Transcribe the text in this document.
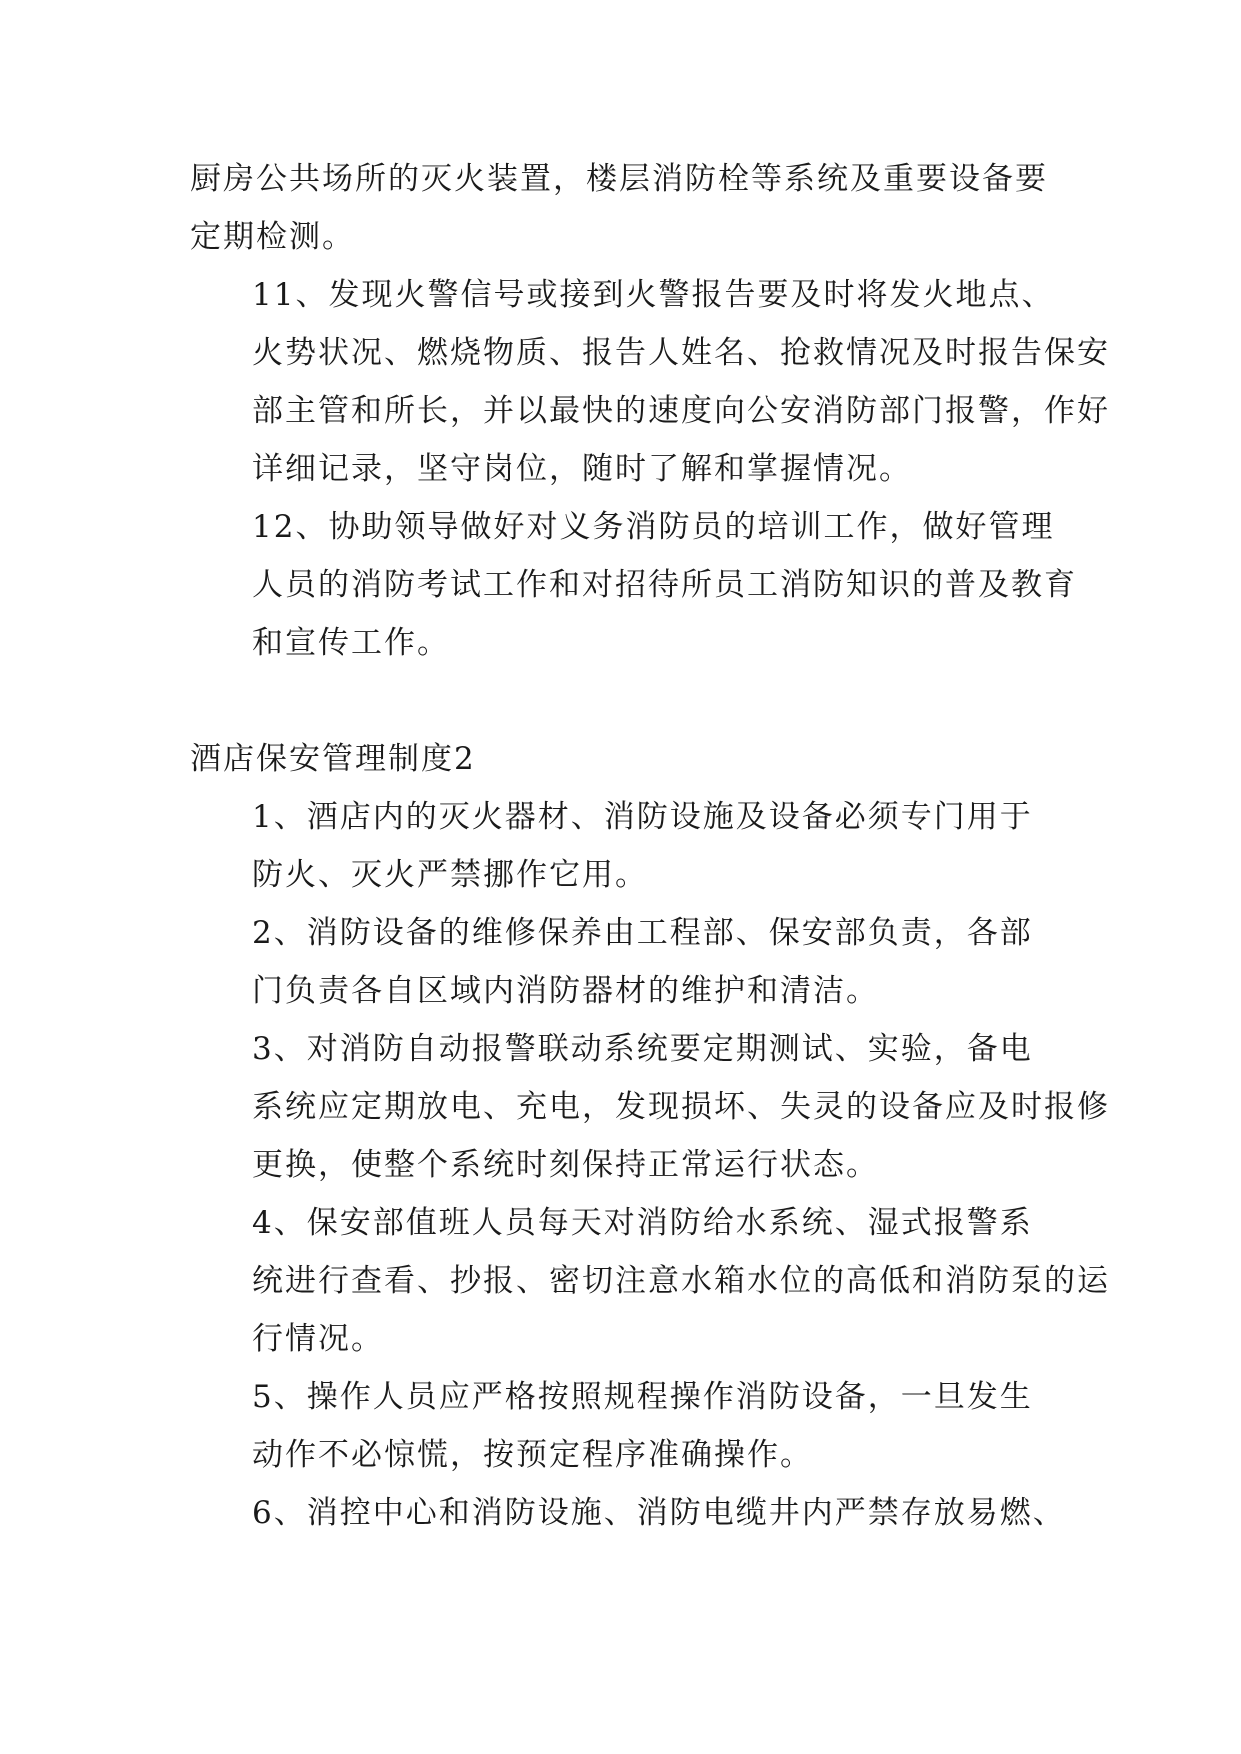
厨房公共场所的灭火装置，楼层消防栓等系统及重要设备要
定期检测。
11、发现火警信号或接到火警报告要及时将发火地点、
火势状况、燃烧物质、报告人姓名、抢救情况及时报告保安
部主管和所长，并以最快的速度向公安消防部门报警，作好
详细记录，坚守岗位，随时了解和掌握情况。
12、协助领导做好对义务消防员的培训工作，做好管理
人员的消防考试工作和对招待所员工消防知识的普及教育
和宣传工作。
酒店保安管理制度2
1、酒店内的灭火器材、消防设施及设备必须专门用于
防火、灭火严禁挪作它用。
2、消防设备的维修保养由工程部、保安部负责，各部
门负责各自区域内消防器材的维护和清洁。
3、对消防自动报警联动系统要定期测试、实验，备电
系统应定期放电、充电，发现损坏、失灵的设备应及时报修
更换，使整个系统时刻保持正常运行状态。
4、保安部值班人员每天对消防给水系统、湿式报警系
统进行查看、抄报、密切注意水箱水位的高低和消防泵的运
行情况。
5、操作人员应严格按照规程操作消防设备，一旦发生
动作不必惊慌，按预定程序准确操作。
6、消控中心和消防设施、消防电缆井内严禁存放易燃、
